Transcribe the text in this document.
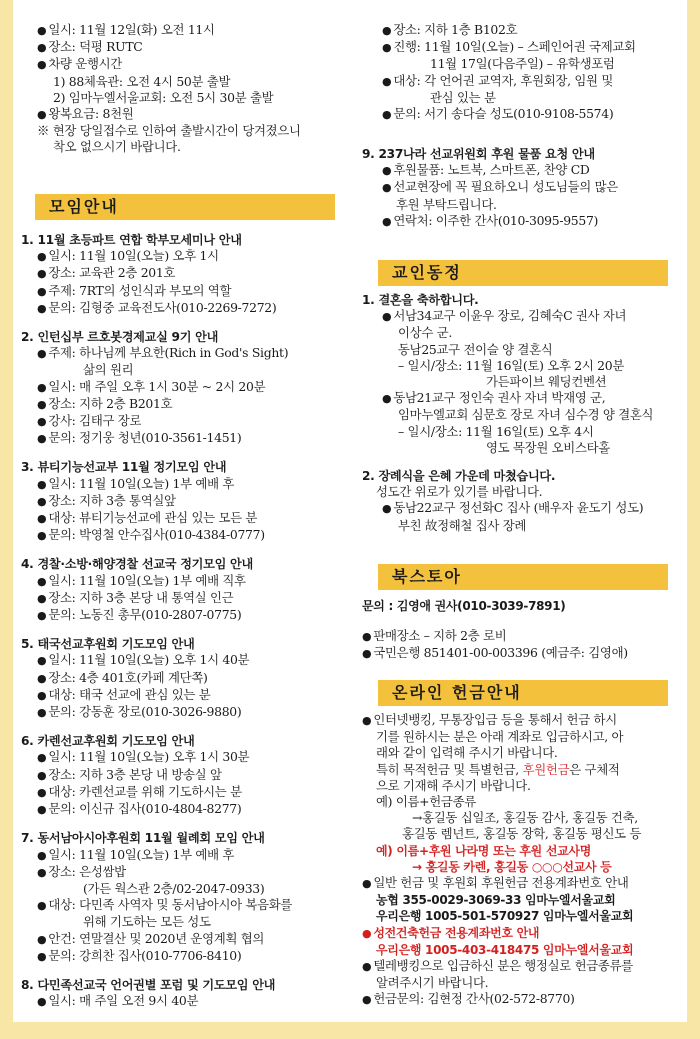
● 일시: 11월 12일(화) 오전 11시
● 장소: 덕평 RUTC
● 차량 운행시간
1) 88체육관: 오전 4시 50분 출발
2) 임마누엘서울교회: 오전 5시 30분 출발
● 왕복요금: 8천원
※ 현장 당일접수로 인하여 출발시간이 당겨졌으니
착오 없으시기 바랍니다.
모임안내
1. 11월 초등파트 연합 학부모세미나 안내
● 일시: 11월 10일(오늘) 오후 1시
● 장소: 교육관 2층 201호
● 주제: 7RT의 성인식과 부모의 역할
● 문의: 김형중 교육전도사(010-2269-7272)
2. 인턴십부 르호봇경제교실 9기 안내
● 주제: 하나님께 부요한(Rich in God's Sight)
삶의 원리
● 일시: 매 주일 오후 1시 30분 ~ 2시 20분
● 장소: 지하 2층 B201호
● 강사: 김태구 장로
● 문의: 정기웅 청년(010-3561-1451)
3. 뷰티기능선교부 11월 정기모임 안내
● 일시: 11월 10일(오늘) 1부 예배 후
● 장소: 지하 3층 통역실앞
● 대상: 뷰티기능선교에 관심 있는 모든 분
● 문의: 박영철 안수집사(010-4384-0777)
4. 경찰·소방·해양경찰 선교국 정기모임 안내
● 일시: 11월 10일(오늘) 1부 예배 직후
● 장소: 지하 3층 본당 내 통역실 인근
● 문의: 노동진 총무(010-2807-0775)
5. 태국선교후원회 기도모임 안내
● 일시: 11월 10일(오늘) 오후 1시 40분
● 장소: 4층 401호(카페 계단쪽)
● 대상: 태국 선교에 관심 있는 분
● 문의: 강동훈 장로(010-3026-9880)
6. 카렌선교후원회 기도모임 안내
● 일시: 11월 10일(오늘) 오후 1시 30분
● 장소: 지하 3층 본당 내 방송실 앞
● 대상: 카렌선교를 위해 기도하시는 분
● 문의: 이신규 집사(010-4804-8277)
7. 동서남아시아후원회 11월 월례회 모임 안내
● 일시: 11월 10일(오늘) 1부 예배 후
● 장소: 은성쌈밥
(가든 웍스관 2층/02-2047-0933)
● 대상: 다민족 사역자 및 동서남아시아 복음화를
위해 기도하는 모든 성도
● 안건: 연말결산 및 2020년 운영계획 협의
● 문의: 강희찬 집사(010-7706-8410)
8. 다민족선교국 언어권별 포럼 및 기도모임 안내
● 일시: 매 주일 오전 9시 40분
● 장소: 지하 1층 B102호
● 진행: 11월 10일(오늘) – 스페인어권 국제교회
11월 17일(다음주일) – 유학생포럼
● 대상: 각 언어권 교역자, 후원회장, 임원 및
관심 있는 분
● 문의: 서기 송다슬 성도(010-9108-5574)
9. 237나라 선교위원회 후원 물품 요청 안내
● 후원물품: 노트북, 스마트폰, 찬양 CD
● 선교현장에 꼭 필요하오니 성도님들의 많은
후원 부탁드립니다.
● 연락처: 이주한 간사(010-3095-9557)
교인동정
1. 결혼을 축하합니다.
● 서남34교구 이윤우 장로, 김혜숙C 권사 자녀
이상수 군.
동남25교구 전이슬 양 결혼식
– 일시/장소: 11월 16일(토) 오후 2시 20분
가든파이브 웨딩컨벤션
● 동남21교구 정인숙 권사 자녀 박재영 군,
임마누엘교회 심문호 장로 자녀 심수경 양 결혼식
– 일시/장소: 11월 16일(토) 오후 4시
영도 목장원 오비스타홀
2. 장례식을 은혜 가운데 마쳤습니다.
성도간 위로가 있기를 바랍니다.
● 동남22교구 정선화C 집사 (배우자 윤도기 성도)
부친 故정해철 집사 장례
북스토아
문의 : 김영애 권사(010-3039-7891)
● 판매장소 – 지하 2층 로비
● 국민은행 851401-00-003396 (예금주: 김영애)
온라인 헌금안내
● 인터넷뱅킹, 무통장입금 등을 통해서 헌금 하시
기를 원하시는 분은 아래 계좌로 입금하시고, 아
래와 같이 입력해 주시기 바랍니다.
특히 목적헌금 및 특별헌금, 후원헌금은 구체적
으로 기재해 주시기 바랍니다.
예) 이름+헌금종류
→홍길동 십일조, 홍길동 감사, 홍길동 건축,
홍길동 렘넌트, 홍길동 장학, 홍길동 평신도 등
예) 이름+후원 나라명 또는 후원 선교사명
→ 홍길동 카렌, 홍길동 ○○○선교사 등
● 일반 헌금 및 후원회 후원헌금 전용계좌번호 안내
농협 355-0029-3069-33 임마누엘서울교회
우리은행 1005-501-570927 임마누엘서울교회
● 성전건축헌금 전용계좌번호 안내
우리은행 1005-403-418475 임마누엘서울교회
● 텔레뱅킹으로 입금하신 분은 행정실로 헌금종류를
알려주시기 바랍니다.
● 헌금문의: 김현정 간사(02-572-8770)
